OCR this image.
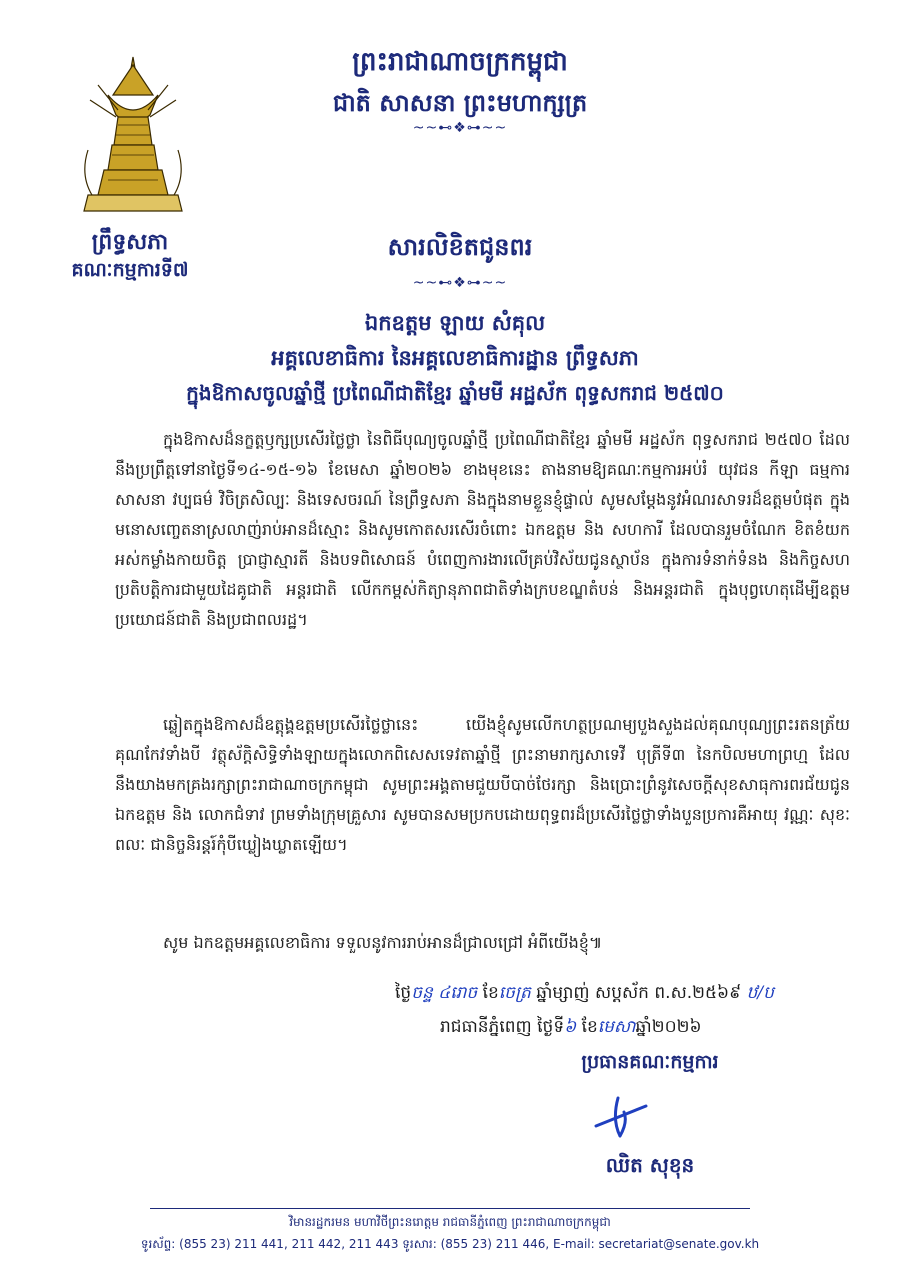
ព្រះរាជាណាចក្រកម្ពុជា
ជាតិ សាសនា ព្រះមហាក្សត្រ
~~⊷❖⊶~~
ព្រឹទ្ធសភា
គណៈកម្មការទី៧
សារលិខិតជូនពរ
~~⊷❖⊶~~
ឯកឧត្តម ឡាយ សំគុល
អគ្គលេខាធិការ នៃអគ្គលេខាធិការដ្ឋាន ព្រឹទ្ធសភា
ក្នុងឱកាសចូលឆ្នាំថ្មី ប្រពៃណីជាតិខ្មែរ ឆ្នាំមមី អដ្ឋស័ក ពុទ្ធសករាជ ២៥៧០
ក្នុងឱកាសដ៏នក្ខត្តឫក្សប្រសើរថ្លៃថ្លា នៃពិធីបុណ្យចូលឆ្នាំថ្មី ប្រពៃណីជាតិខ្មែរ ឆ្នាំមមី អដ្ឋស័ក ពុទ្ធសករាជ ២៥៧០ ដែលនឹងប្រព្រឹត្តទៅនាថ្ងៃទី១៤-១៥-១៦ ខែមេសា ឆ្នាំ២០២៦ ខាងមុខនេះ តាងនាមឱ្យគណៈកម្មការអប់រំ យុវជន កីឡា ធម្មការ សាសនា វប្បធម៌ វិចិត្រសិល្បៈ និងទេសចរណ៍ នៃព្រឹទ្ធសភា និងក្នុងនាមខ្លួនខ្ញុំផ្ទាល់ សូមសម្ដែងនូវអំណរសាទរដ៏ឧត្ដមបំផុត ក្នុងមនោសញ្ចេតនាស្រលាញ់រាប់អានដ៏ស្មោះ និងសូមកោតសរសើរចំពោះ ឯកឧត្តម និង សហការី ដែលបានរួមចំណែក ខិតខំយកអស់កម្លាំងកាយចិត្ត ប្រាជ្ញាស្មារតី និងបទពិសោធន៍ បំពេញការងារលើគ្រប់វិស័យជូនស្ថាប័ន ក្នុងការទំនាក់ទំនង និងកិច្ចសហប្រតិបត្តិការជាមួយដៃគូជាតិ អន្តរជាតិ លើកកម្ពស់កិត្យានុភាពជាតិទាំងក្របខណ្ឌតំបន់ និងអន្តរជាតិ ក្នុងបុព្វហេតុដើម្បីឧត្តមប្រយោជន៍ជាតិ និងប្រជាពលរដ្ឋ។
ឆ្លៀតក្នុងឱកាសដ៏ឧត្តុង្គឧត្តមប្រសើរថ្លៃថ្លានេះ យើងខ្ញុំសូមលើកហត្ថប្រណម្យបួងសួងដល់គុណបុណ្យព្រះរតនត្រ័យគុណកែវទាំងបី វត្ថុស័ក្តិសិទ្ធិទាំងឡាយក្នុងលោកពិសេសទេវតាឆ្នាំថ្មី ព្រះនាមរាក្សសាទេវី បុត្រីទី៣ នៃកបិលមហាព្រហ្ម ដែលនឹងយាងមកគ្រងរក្សាព្រះរាជាណាចក្រកម្ពុជា សូមព្រះអង្គតាមជួយបីបាច់ថែរក្សា និងប្រោះព្រំនូវសេចក្តីសុខសាធុការពរជ័យជូន ឯកឧត្តម និង លោកជំទាវ ព្រមទាំងក្រុមគ្រួសារ សូមបានសមប្រកបដោយពុទ្ធពរដ៏ប្រសើរថ្លៃថ្លាទាំងបួនប្រការគឺអាយុ វណ្ណៈ សុខៈ ពលៈ ជានិច្ចនិរន្តរ៍កុំបីឃ្លៀងឃ្លាតឡើយ។
សូម ឯកឧត្តមអគ្គលេខាធិការ ទទួលនូវការរាប់អានដ៏ជ្រាលជ្រៅ អំពីយើងខ្ញុំ៕
ថ្ងៃចន្ទ ៤រោច ខែចេត្រ ឆ្នាំម្សាញ់ សប្តស័ក ព.ស.២៥៦៩ ឋ/ប
រាជធានីភ្នំពេញ ថ្ងៃទី៦ ខែមេសាឆ្នាំ២០២៦
ប្រធានគណៈកម្មការ
ឈិត សុខុន
វិមានរដ្ឋករមន មហាវិថីព្រះនរោត្តម រាជធានីភ្នំពេញ ព្រះរាជាណាចក្រកម្ពុជា
ទូរស័ព្ទ: (855 23) 211 441, 211 442, 211 443 ទូរសារ: (855 23) 211 446, E-mail: secretariat@senate.gov.kh
